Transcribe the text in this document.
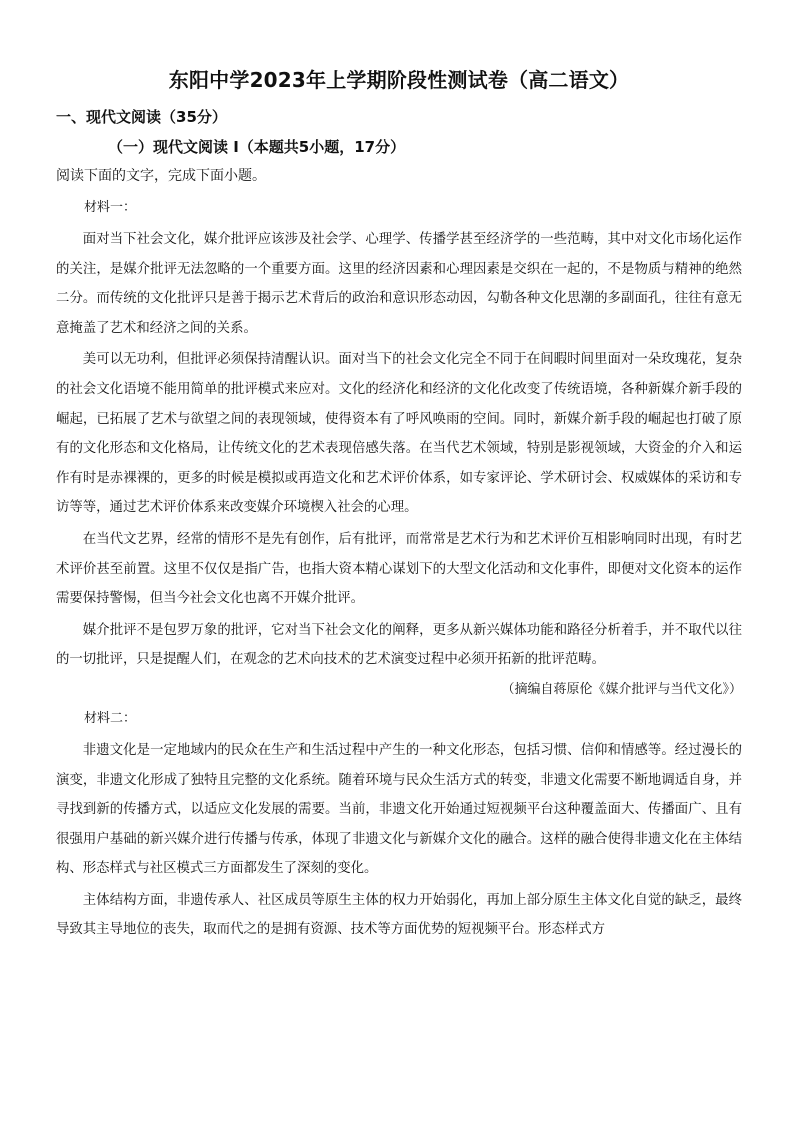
东阳中学2023年上学期阶段性测试卷（高二语文）
一、现代文阅读（35分）
（一）现代文阅读 I（本题共5小题，17分）
阅读下面的文字，完成下面小题。
材料一：

面对当下社会文化，媒介批评应该涉及社会学、心理学、传播学甚至经济学的一些范畴，其中对文化市场化运作的关注，是媒介批评无法忽略的一个重要方面。这里的经济因素和心理因素是交织在一起的，不是物质与精神的绝然二分。而传统的文化批评只是善于揭示艺术背后的政治和意识形态动因，勾勒各种文化思潮的多副面孔，往往有意无意掩盖了艺术和经济之间的关系。

美可以无功利，但批评必须保持清醒认识。面对当下的社会文化完全不同于在间暇时间里面对一朵玫瑰花，复杂的社会文化语境不能用简单的批评模式来应对。文化的经济化和经济的文化化改变了传统语境，各种新媒介新手段的崛起，已拓展了艺术与欲望之间的表现领域，使得资本有了呼风唤雨的空间。同时，新媒介新手段的崛起也打破了原有的文化形态和文化格局，让传统文化的艺术表现倍感失落。在当代艺术领域，特别是影视领域，大资金的介入和运作有时是赤裸裸的，更多的时候是模拟或再造文化和艺术评价体系，如专家评论、学术研讨会、权威媒体的采访和专访等等，通过艺术评价体系来改变媒介环境楔入社会的心理。

在当代文艺界，经常的情形不是先有创作，后有批评，而常常是艺术行为和艺术评价互相影响同时出现，有时艺术评价甚至前置。这里不仅仅是指广告，也指大资本精心谋划下的大型文化活动和文化事件，即便对文化资本的运作需要保持警惕，但当今社会文化也离不开媒介批评。

媒介批评不是包罗万象的批评，它对当下社会文化的阐释，更多从新兴媒体功能和路径分析着手，并不取代以往的一切批评，只是提醒人们，在观念的艺术向技术的艺术演变过程中必须开拓新的批评范畴。

（摘编自蒋原伦《媒介批评与当代文化》）
材料二：

非遗文化是一定地域内的民众在生产和生活过程中产生的一种文化形态，包括习惯、信仰和情感等。经过漫长的演变，非遗文化形成了独特且完整的文化系统。随着环境与民众生活方式的转变，非遗文化需要不断地调适自身，并寻找到新的传播方式，以适应文化发展的需要。当前，非遗文化开始通过短视频平台这种覆盖面大、传播面广、且有很强用户基础的新兴媒介进行传播与传承，体现了非遗文化与新媒介文化的融合。这样的融合使得非遗文化在主体结构、形态样式与社区模式三方面都发生了深刻的变化。

主体结构方面，非遗传承人、社区成员等原生主体的权力开始弱化，再加上部分原生主体文化自觉的缺乏，最终导致其主导地位的丧失，取而代之的是拥有资源、技术等方面优势的短视频平台。形态样式方
